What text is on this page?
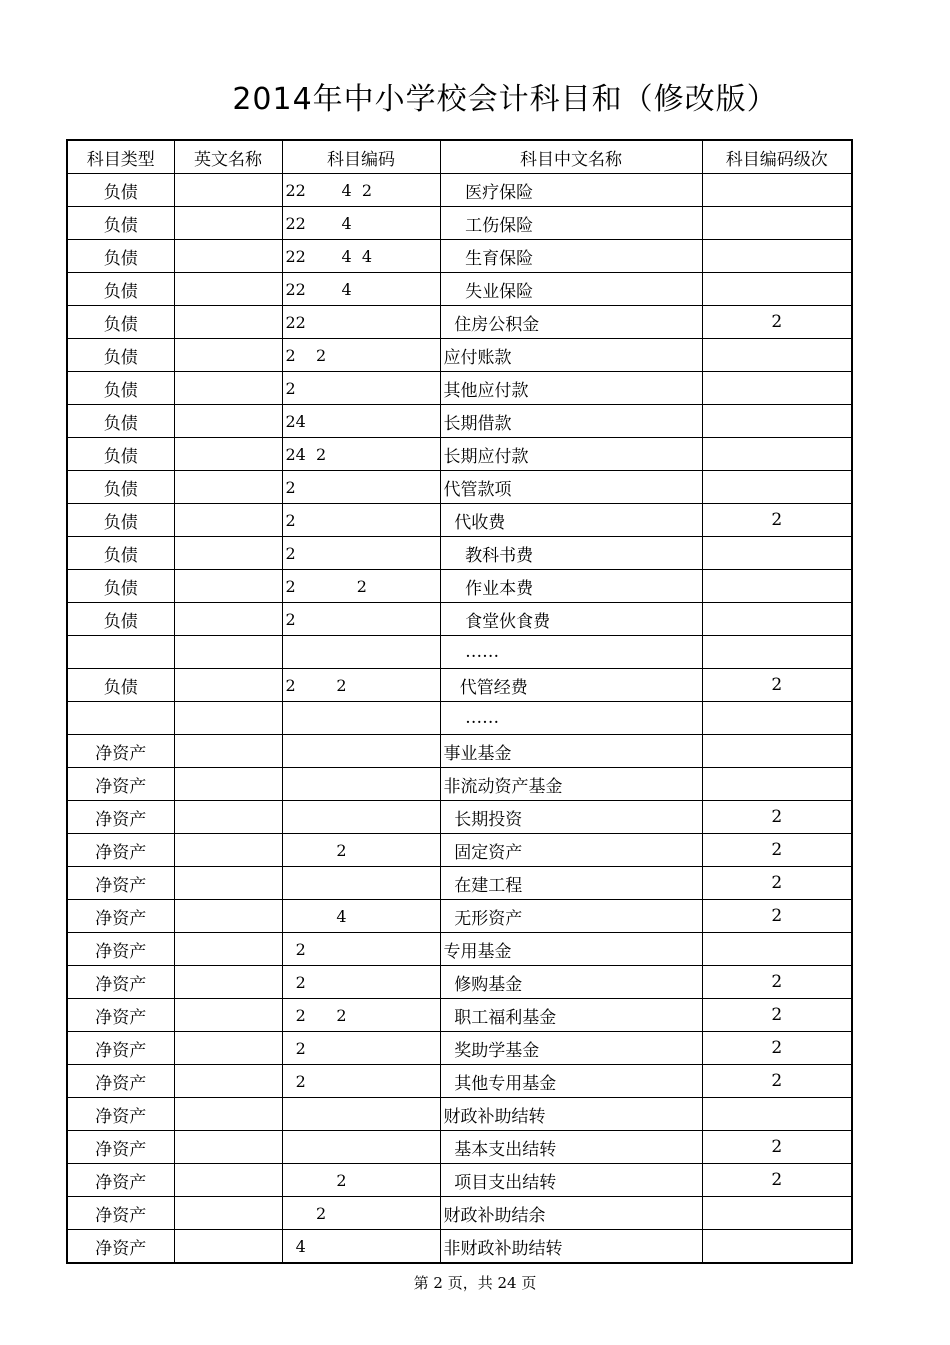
2014年中小学校会计科目和（修改版）
科目类型	英文名称	科目编码	科目中文名称	科目编码级次
负债		22       4  2	医疗保险	
负债		22       4	工伤保险	
负债		22       4  4	生育保险	
负债		22       4	失业保险	
负债		22	住房公积金	2
负债		2    2	应付账款	
负债		2	其他应付款	
负债		24	长期借款	
负债		24  2	长期应付款	
负债		2	代管款项	
负债		2	代收费	2
负债		2	教科书费	
负债		2            2	作业本费	
负债		2	食堂伙食费	
			……	
负债		2        2	代管经费	2
			……	
净资产			事业基金	
净资产			非流动资产基金	
净资产			长期投资	2
净资产		2	固定资产	2
净资产			在建工程	2
净资产		4	无形资产	2
净资产		2	专用基金	
净资产		2	修购基金	2
净资产		2      2	职工福利基金	2
净资产		2	奖助学基金	2
净资产		2	其他专用基金	2
净资产			财政补助结转	
净资产			基本支出结转	2
净资产		2	项目支出结转	2
净资产		2	财政补助结余	
净资产		4	非财政补助结转	
第 2 页，共 24 页
